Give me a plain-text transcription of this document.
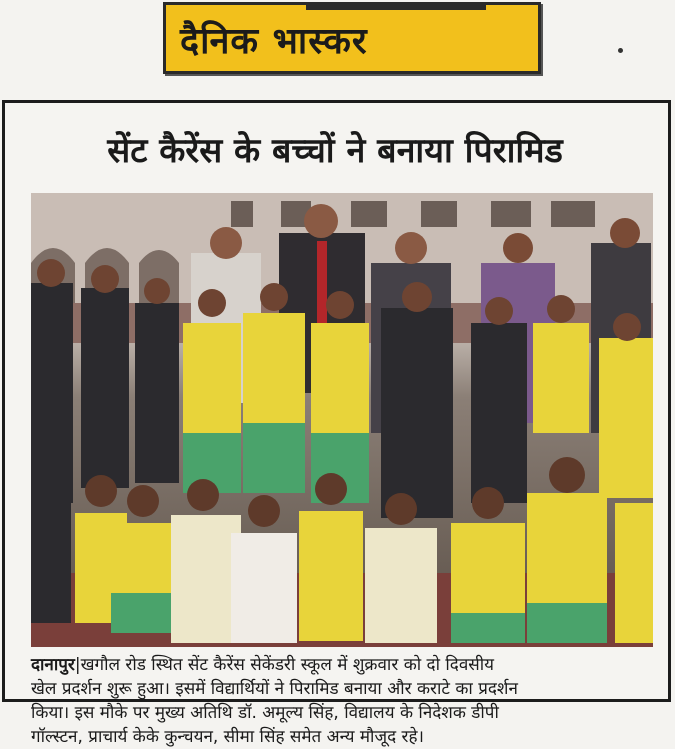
दैनिक भास्कर
सेंट कैरेंस के बच्चों ने बनाया पिरामिड
दानापुर|खगौल रोड स्थित सेंट कैरेंस सेकेंडरी स्कूल में शुक्रवार को दो दिवसीय
खेल प्रदर्शन शुरू हुआ। इसमें विद्यार्थियों ने पिरामिड बनाया और कराटे का प्रदर्शन
किया। इस मौके पर मुख्य अतिथि डॉ. अमूल्य सिंह, विद्यालय के निदेशक डीपी
गॉल्स्टन, प्राचार्य केके कुन्चयन, सीमा सिंह समेत अन्य मौजूद रहे।
